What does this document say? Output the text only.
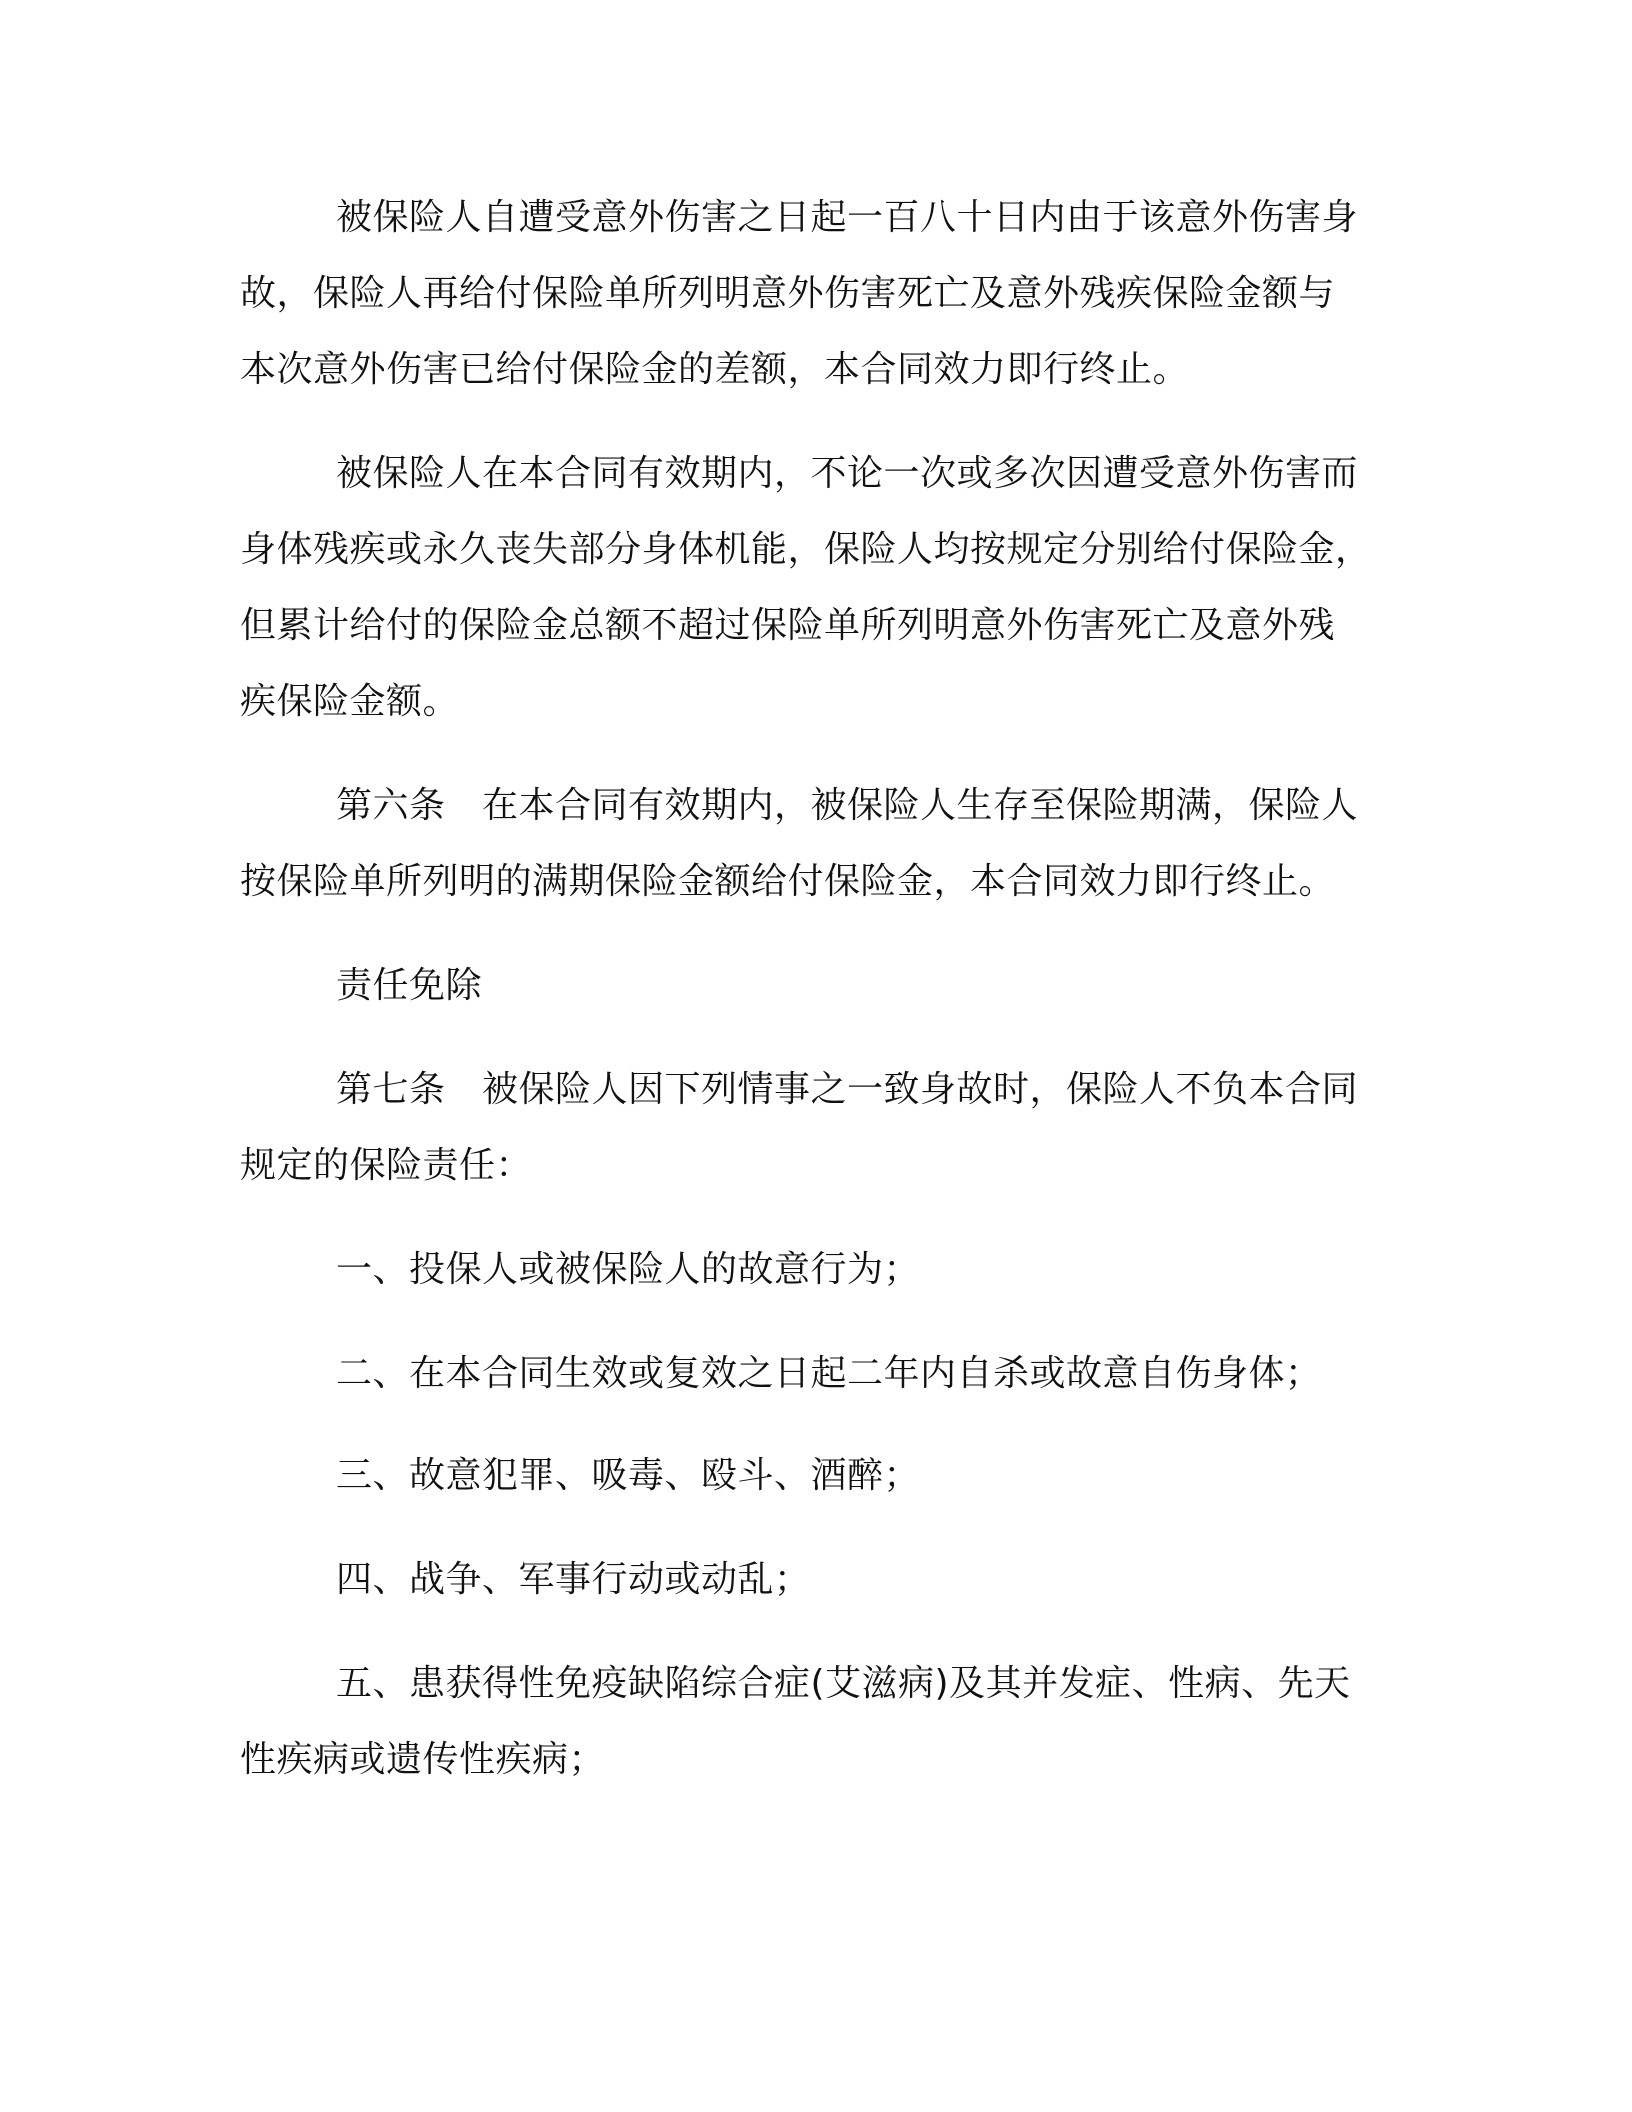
被保险人自遭受意外伤害之日起一百八十日内由于该意外伤害身
故，保险人再给付保险单所列明意外伤害死亡及意外残疾保险金额与
本次意外伤害已给付保险金的差额，本合同效力即行终止。
被保险人在本合同有效期内，不论一次或多次因遭受意外伤害而
身体残疾或永久丧失部分身体机能，保险人均按规定分别给付保险金，
但累计给付的保险金总额不超过保险单所列明意外伤害死亡及意外残
疾保险金额。
第六条　在本合同有效期内，被保险人生存至保险期满，保险人
按保险单所列明的满期保险金额给付保险金，本合同效力即行终止。
责任免除
第七条　被保险人因下列情事之一致身故时，保险人不负本合同
规定的保险责任：
一、投保人或被保险人的故意行为；
二、在本合同生效或复效之日起二年内自杀或故意自伤身体；
三、故意犯罪、吸毒、殴斗、酒醉；
四、战争、军事行动或动乱；
五、患获得性免疫缺陷综合症(艾滋病)及其并发症、性病、先天
性疾病或遗传性疾病；
